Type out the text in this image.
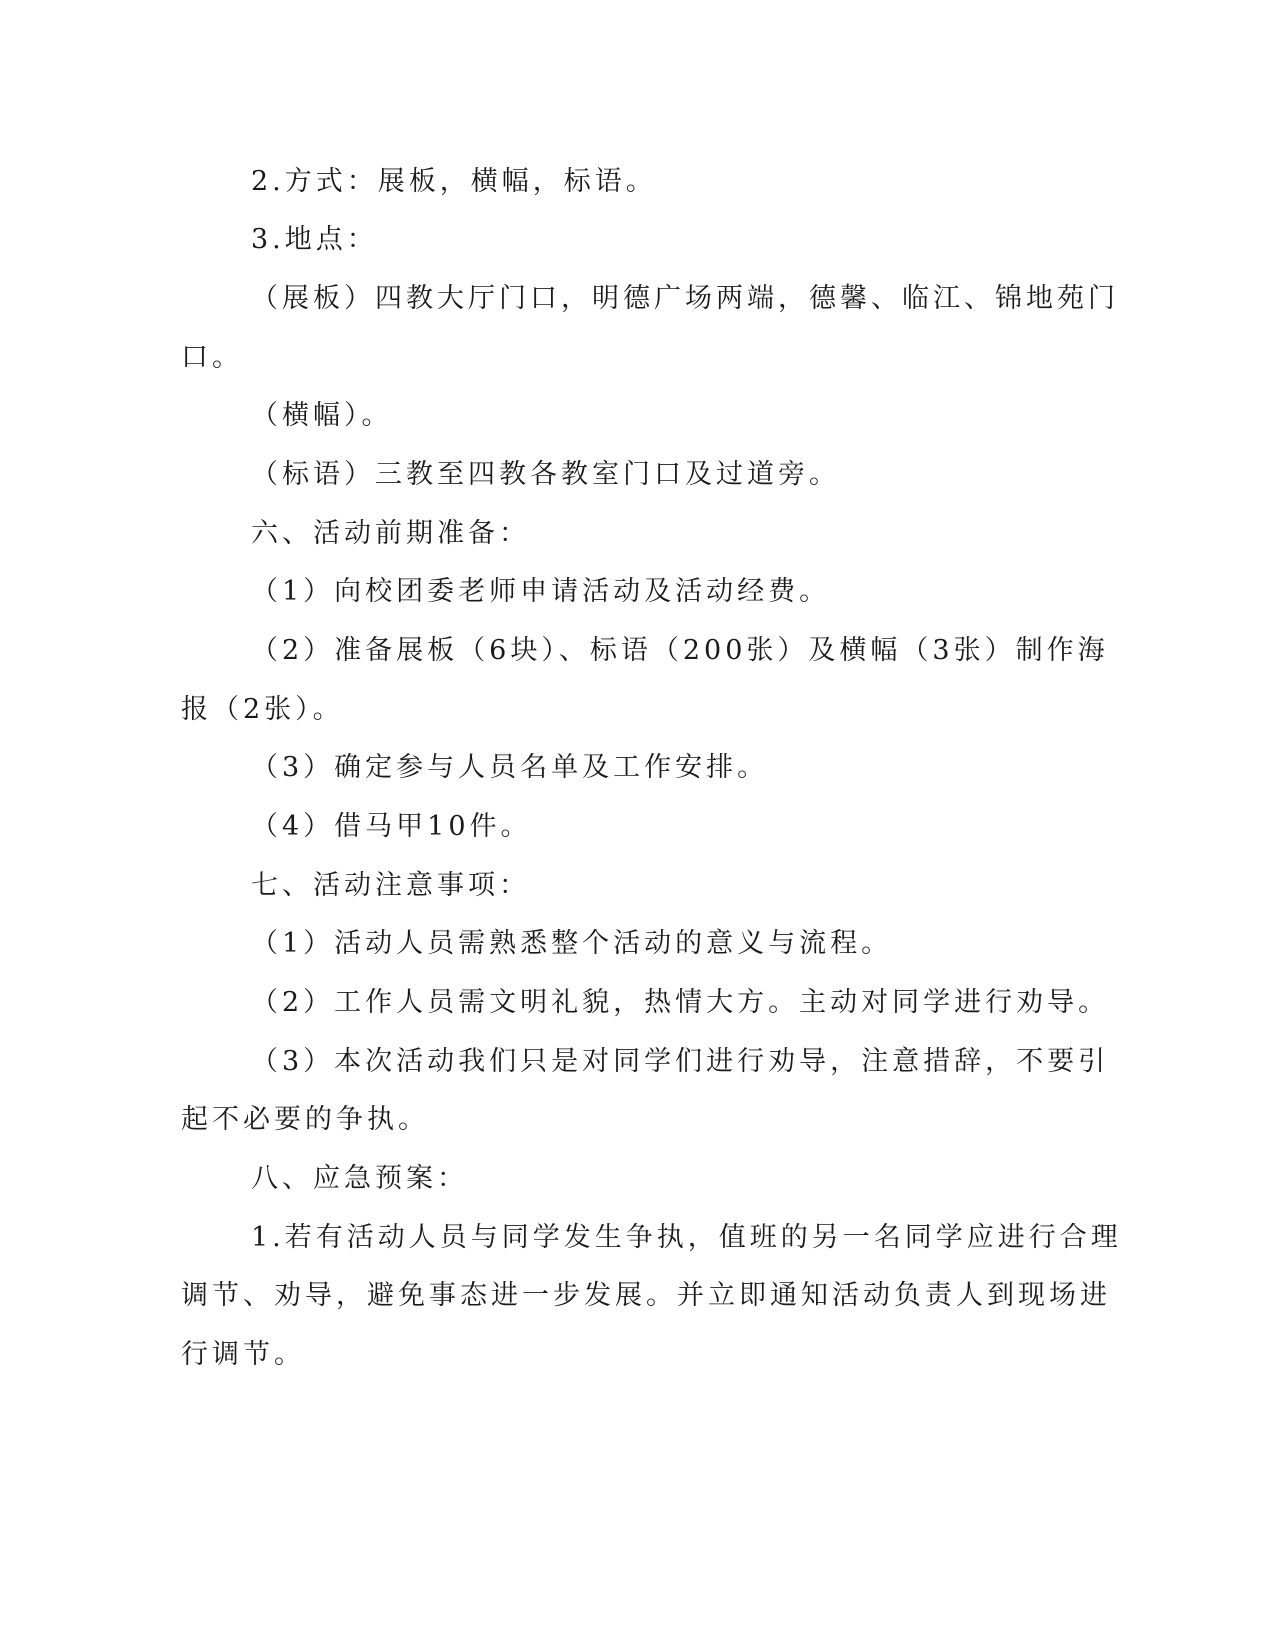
2.方式：展板，横幅，标语。
3.地点：
（展板）四教大厅门口，明德广场两端，德馨、临江、锦地苑门
口。
（横幅）。
（标语）三教至四教各教室门口及过道旁。
六、活动前期准备：
（1）向校团委老师申请活动及活动经费。
（2）准备展板（6块）、标语（200张）及横幅（3张）制作海
报（2张）。
（3）确定参与人员名单及工作安排。
（4）借马甲10件。
七、活动注意事项：
（1）活动人员需熟悉整个活动的意义与流程。
（2）工作人员需文明礼貌，热情大方。主动对同学进行劝导。
（3）本次活动我们只是对同学们进行劝导，注意措辞，不要引
起不必要的争执。
八、应急预案：
1.若有活动人员与同学发生争执，值班的另一名同学应进行合理
调节、劝导，避免事态进一步发展。并立即通知活动负责人到现场进
行调节。
